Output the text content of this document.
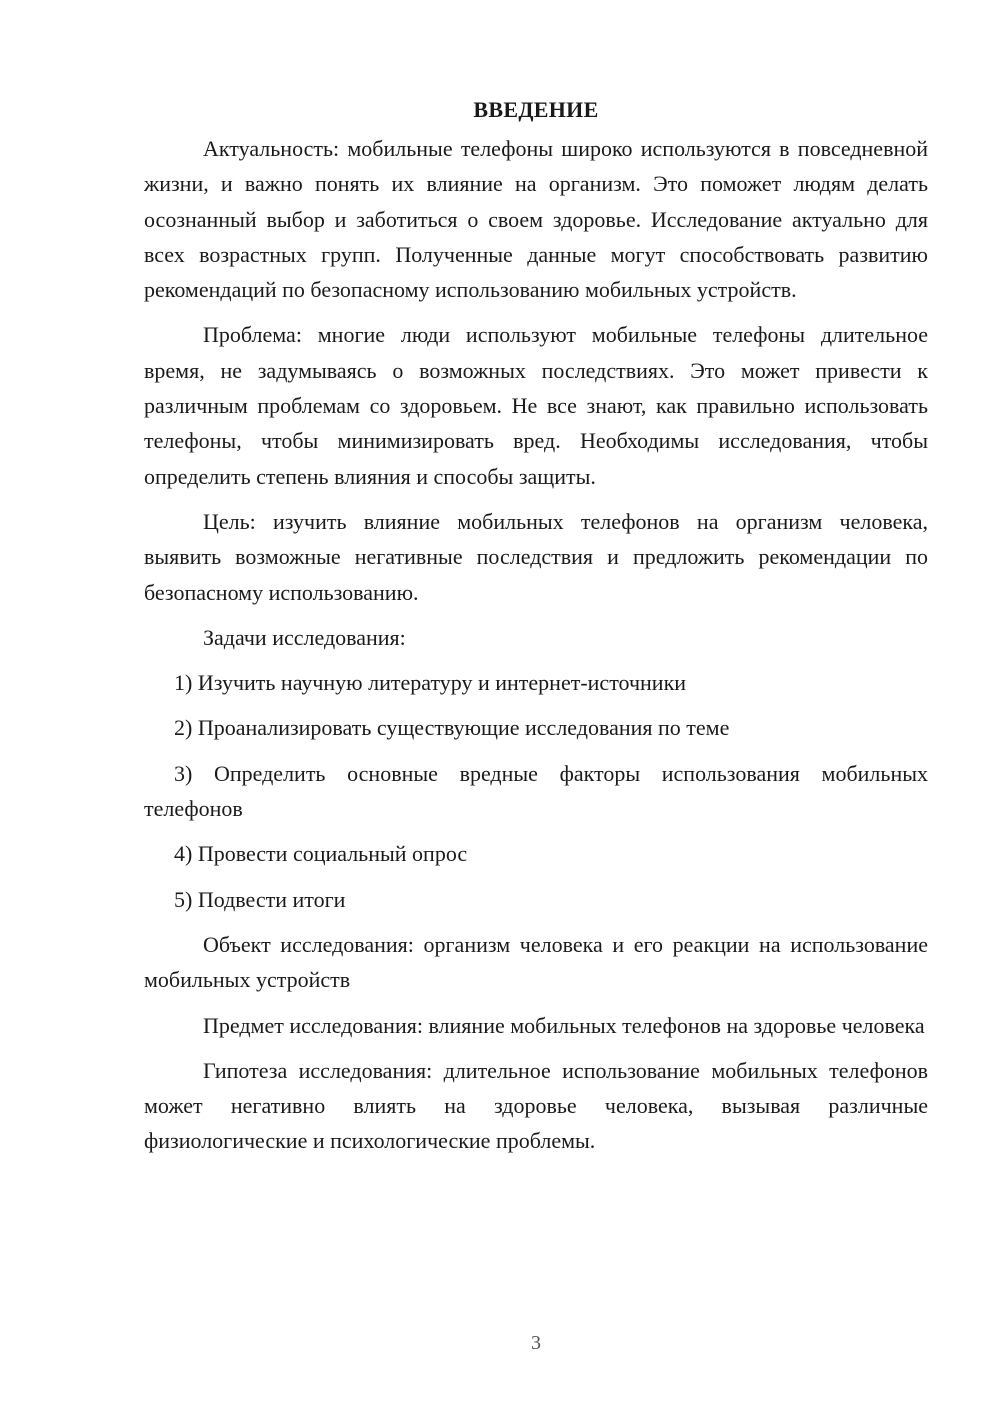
ВВЕДЕНИЕ

Актуальность: мобильные телефоны широко используются в повседневной жизни, и важно понять их влияние на организм. Это поможет людям делать осознанный выбор и заботиться о своем здоровье. Исследование актуально для всех возрастных групп. Полученные данные могут способствовать развитию рекомендаций по безопасному использованию мобильных устройств.

Проблема: многие люди используют мобильные телефоны длительное время, не задумываясь о возможных последствиях. Это может привести к различным проблемам со здоровьем. Не все знают, как правильно использовать телефоны, чтобы минимизировать вред. Необходимы исследования, чтобы определить степень влияния и способы защиты.

Цель: изучить влияние мобильных телефонов на организм человека, выявить возможные негативные последствия и предложить рекомендации по безопасному использованию.

Задачи исследования:

1) Изучить научную литературу и интернет-источники

2) Проанализировать существующие исследования по теме

3) Определить основные вредные факторы использования мобильных телефонов

4) Провести социальный опрос

5) Подвести итоги

Объект исследования: организм человека и его реакции на использование мобильных устройств

Предмет исследования: влияние мобильных телефонов на здоровье человека

Гипотеза исследования: длительное использование мобильных телефонов может негативно влиять на здоровье человека, вызывая различные физиологические и психологические проблемы.

3
